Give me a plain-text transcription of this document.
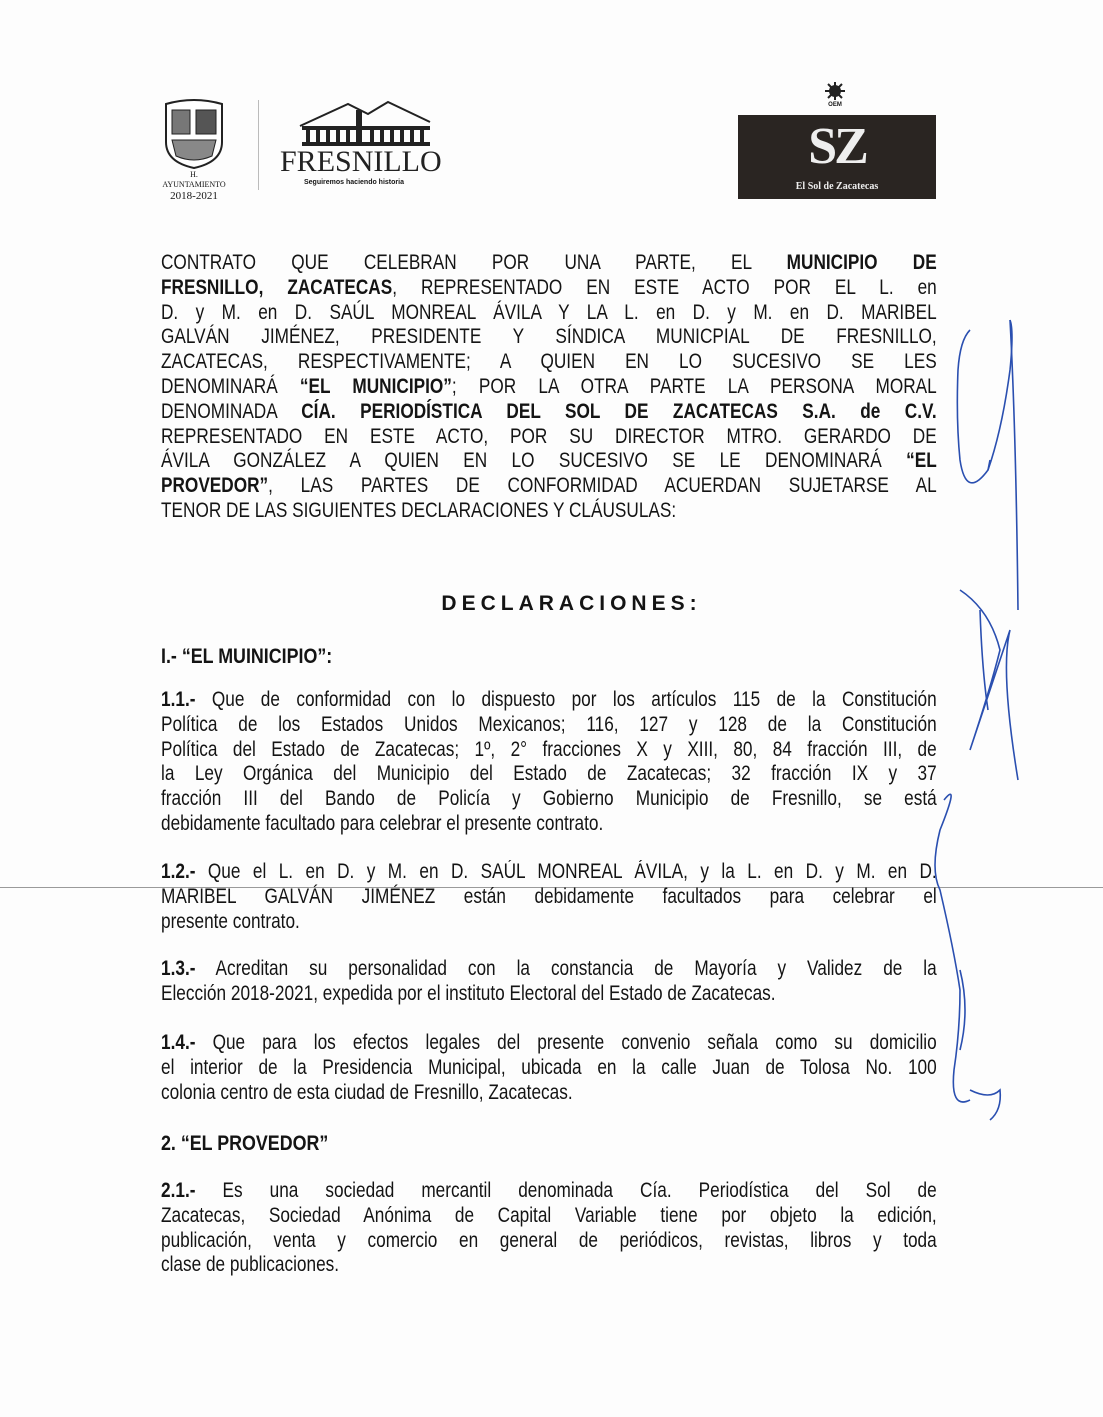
H. AYUNTAMIENTO
2018-2021
FRESNILLO
Seguiremos haciendo historia
OEM
SZ
El Sol de Zacatecas
CONTRATO QUE CELEBRAN POR UNA PARTE, EL MUNICIPIO DE
FRESNILLO, ZACATECAS, REPRESENTADO EN ESTE ACTO POR EL L. en
D. y M. en D. SAÚL MONREAL ÁVILA Y LA L. en D. y M. en D. MARIBEL
GALVÁN JIMÉNEZ, PRESIDENTE Y SÍNDICA MUNICPIAL DE FRESNILLO,
ZACATECAS, RESPECTIVAMENTE; A QUIEN EN LO SUCESIVO SE LES
DENOMINARÁ “EL MUNICIPIO”; POR LA OTRA PARTE LA PERSONA MORAL
DENOMINADA CÍA. PERIODÍSTICA DEL SOL DE ZACATECAS S.A. de C.V.
REPRESENTADO EN ESTE ACTO, POR SU DIRECTOR MTRO. GERARDO DE
ÁVILA GONZÁLEZ A QUIEN EN LO SUCESIVO SE LE DENOMINARÁ “EL
PROVEDOR”, LAS PARTES DE CONFORMIDAD ACUERDAN SUJETARSE AL
TENOR DE LAS SIGUIENTES DECLARACIONES Y CLÁUSULAS:
DECLARACIONES:
I.- “EL MUINICIPIO”:
1.1.- Que de conformidad con lo dispuesto por los artículos 115 de la Constitución
Política de los Estados Unidos Mexicanos; 116, 127 y 128 de la Constitución
Política del Estado de Zacatecas; 1º, 2° fracciones X y XIII, 80, 84 fracción III, de
la Ley Orgánica del Municipio del Estado de Zacatecas; 32 fracción IX y 37
fracción III del Bando de Policía y Gobierno Municipio de Fresnillo, se está
debidamente facultado para celebrar el presente contrato.
1.2.- Que el L. en D. y M. en D. SAÚL MONREAL ÁVILA, y la L. en D. y M. en D.
MARIBEL GALVÁN JIMÉNEZ están debidamente facultados para celebrar el
presente contrato.
1.3.- Acreditan su personalidad con la constancia de Mayoría y Validez de la
Elección 2018-2021, expedida por el instituto Electoral del Estado de Zacatecas.
1.4.- Que para los efectos legales del presente convenio señala como su domicilio
el interior de la Presidencia Municipal, ubicada en la calle Juan de Tolosa No. 100
colonia centro de esta ciudad de Fresnillo, Zacatecas.
2. “EL PROVEDOR”
2.1.- Es una sociedad mercantil denominada Cía. Periodística del Sol de
Zacatecas, Sociedad Anónima de Capital Variable tiene por objeto la edición,
publicación, venta y comercio en general de periódicos, revistas, libros y toda
clase de publicaciones.
